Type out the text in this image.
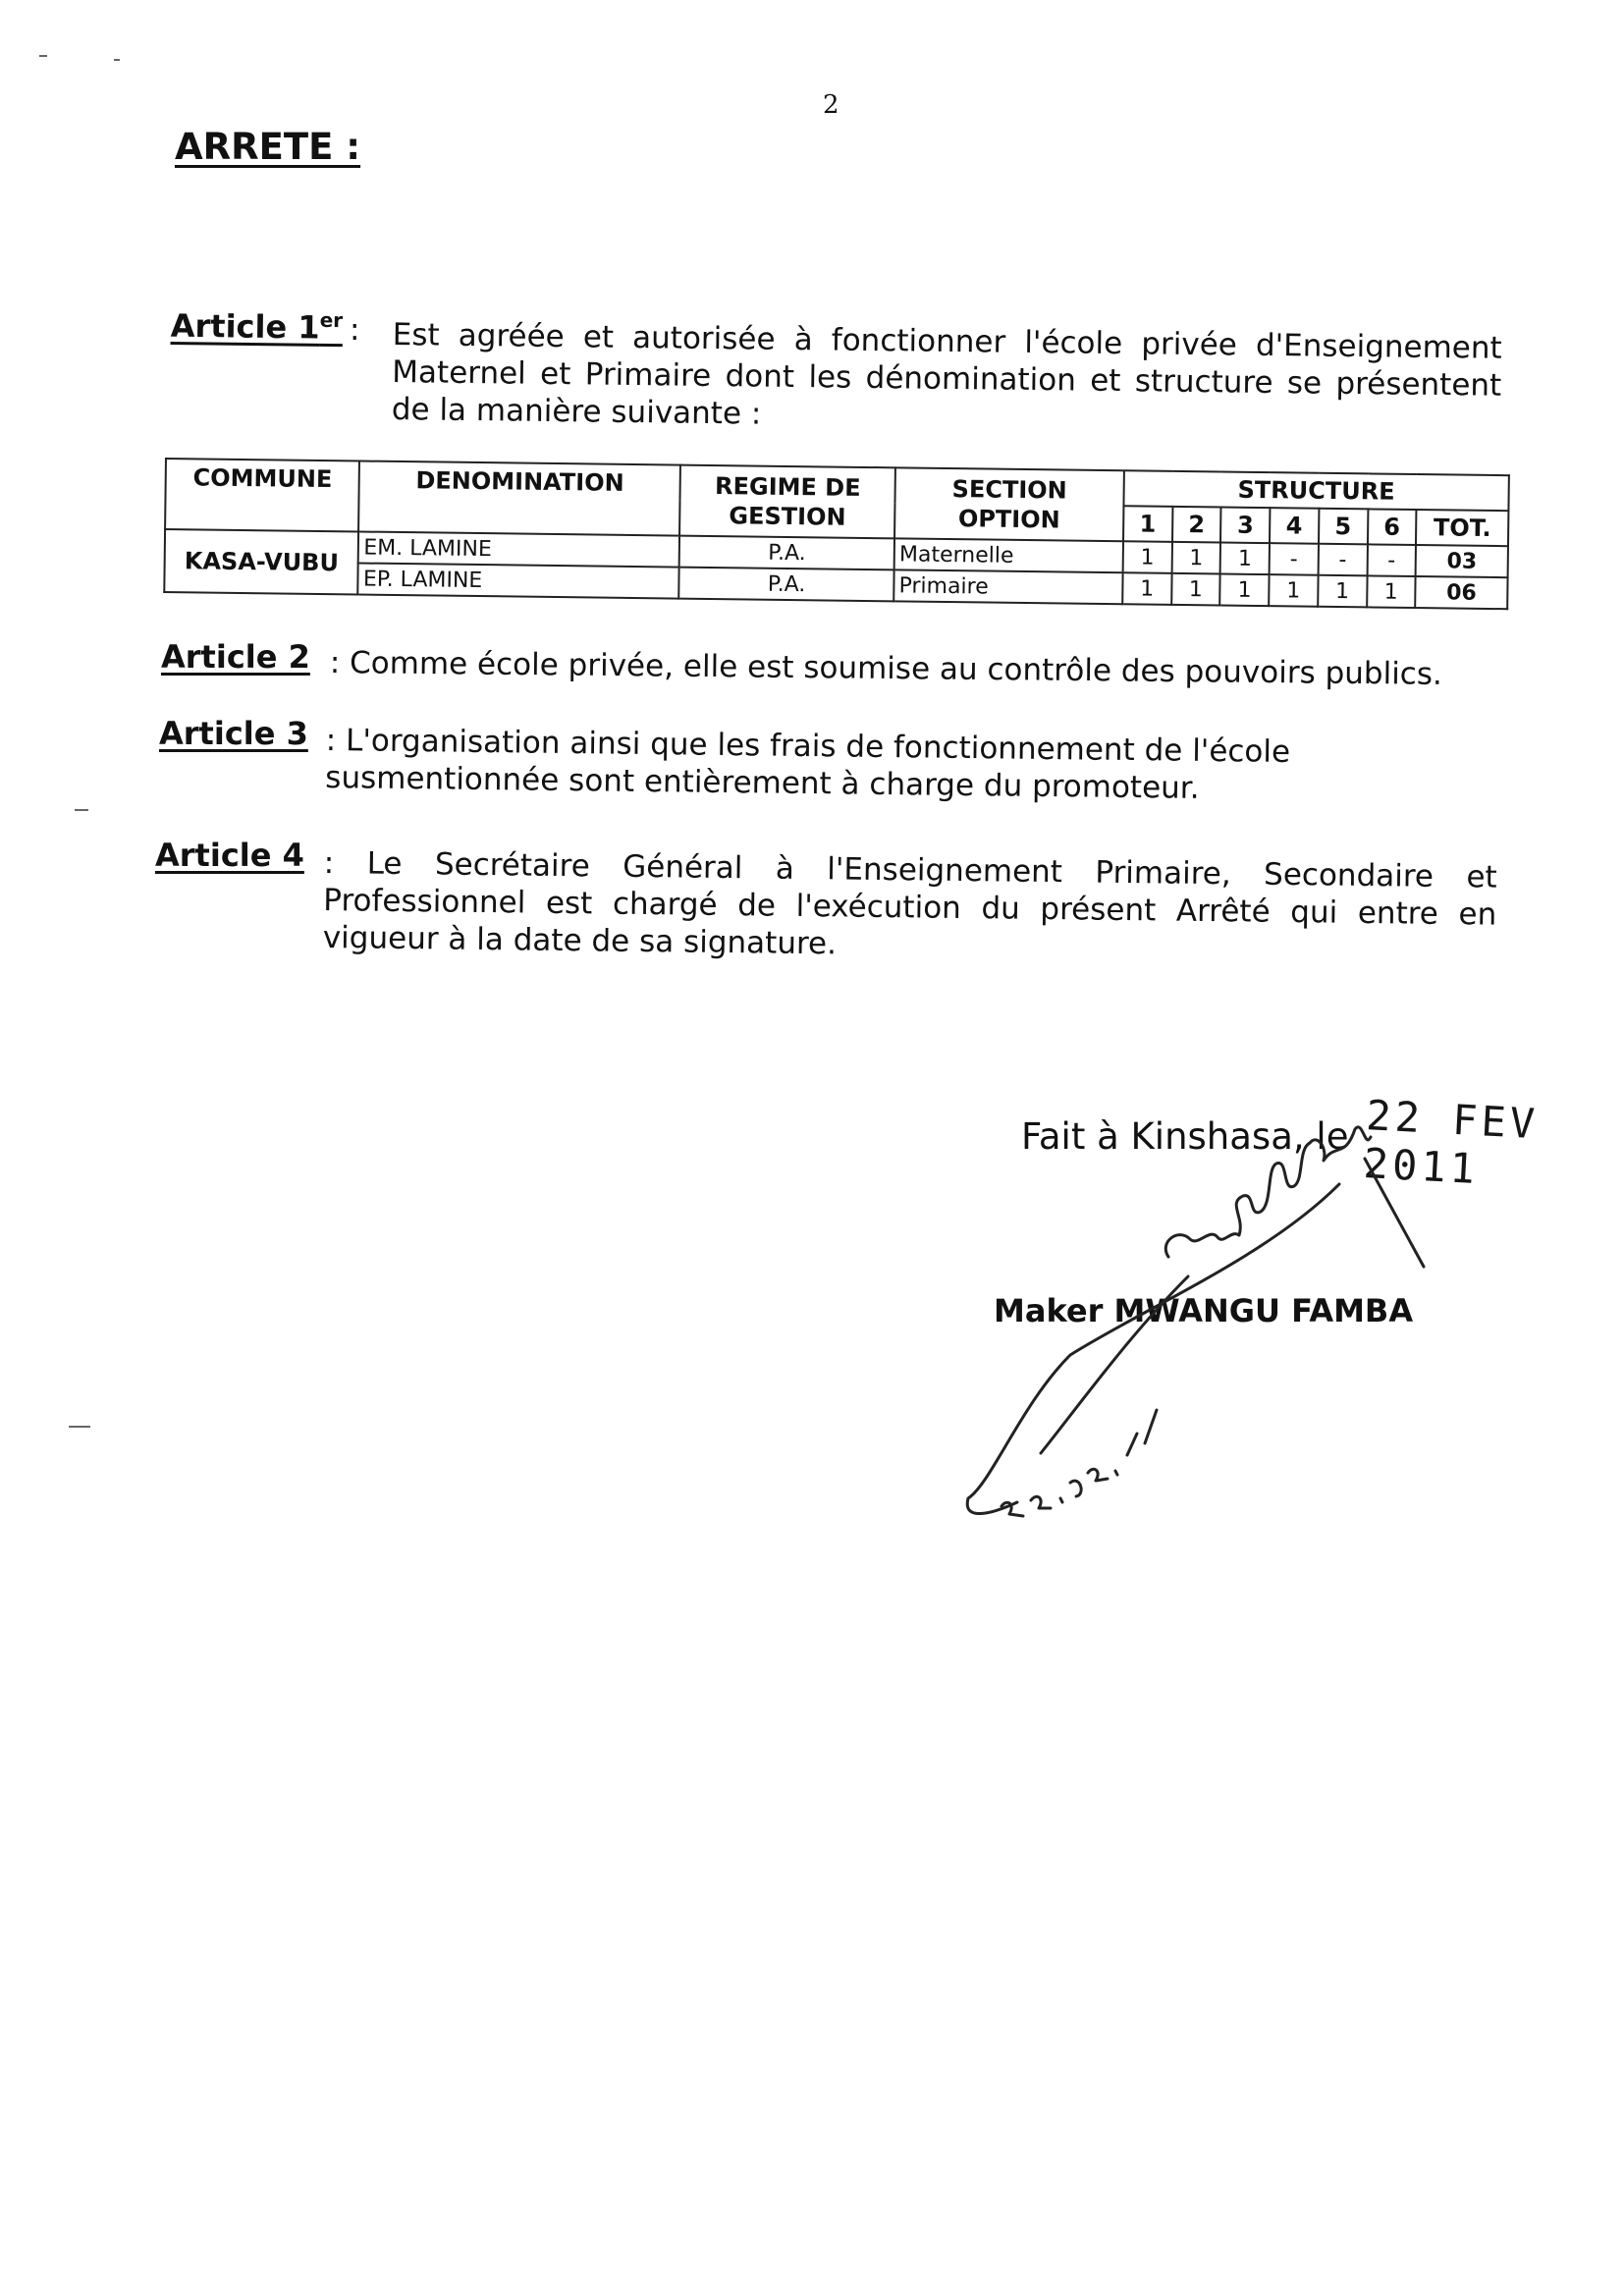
2
ARRETE :
Article 1er : Est agréée et autorisée à fonctionner l'école privée d'Enseignement Maternel et Primaire dont les dénomination et structure se présentent de la manière suivante :
COMMUNE	DENOMINATION	REGIME DE GESTION	SECTION OPTION	STRUCTURE						
				1	2	3	4	5	6	TOT.
KASA-VUBU	EM. LAMINE	P.A.	Maternelle	1	1	1	-	-	-	03
	EP. LAMINE	P.A.	Primaire	1	1	1	1	1	1	06
Article 2 : Comme école privée, elle est soumise au contrôle des pouvoirs publics.
Article 3 : L'organisation ainsi que les frais de fonctionnement de l'école susmentionnée sont entièrement à charge du promoteur.
Article 4 : Le Secrétaire Général à l'Enseignement Primaire, Secondaire et Professionnel est chargé de l'exécution du présent Arrêté qui entre en vigueur à la date de sa signature.
Fait à Kinshasa, le 22 FEV 2011
Maker MWANGU FAMBA
